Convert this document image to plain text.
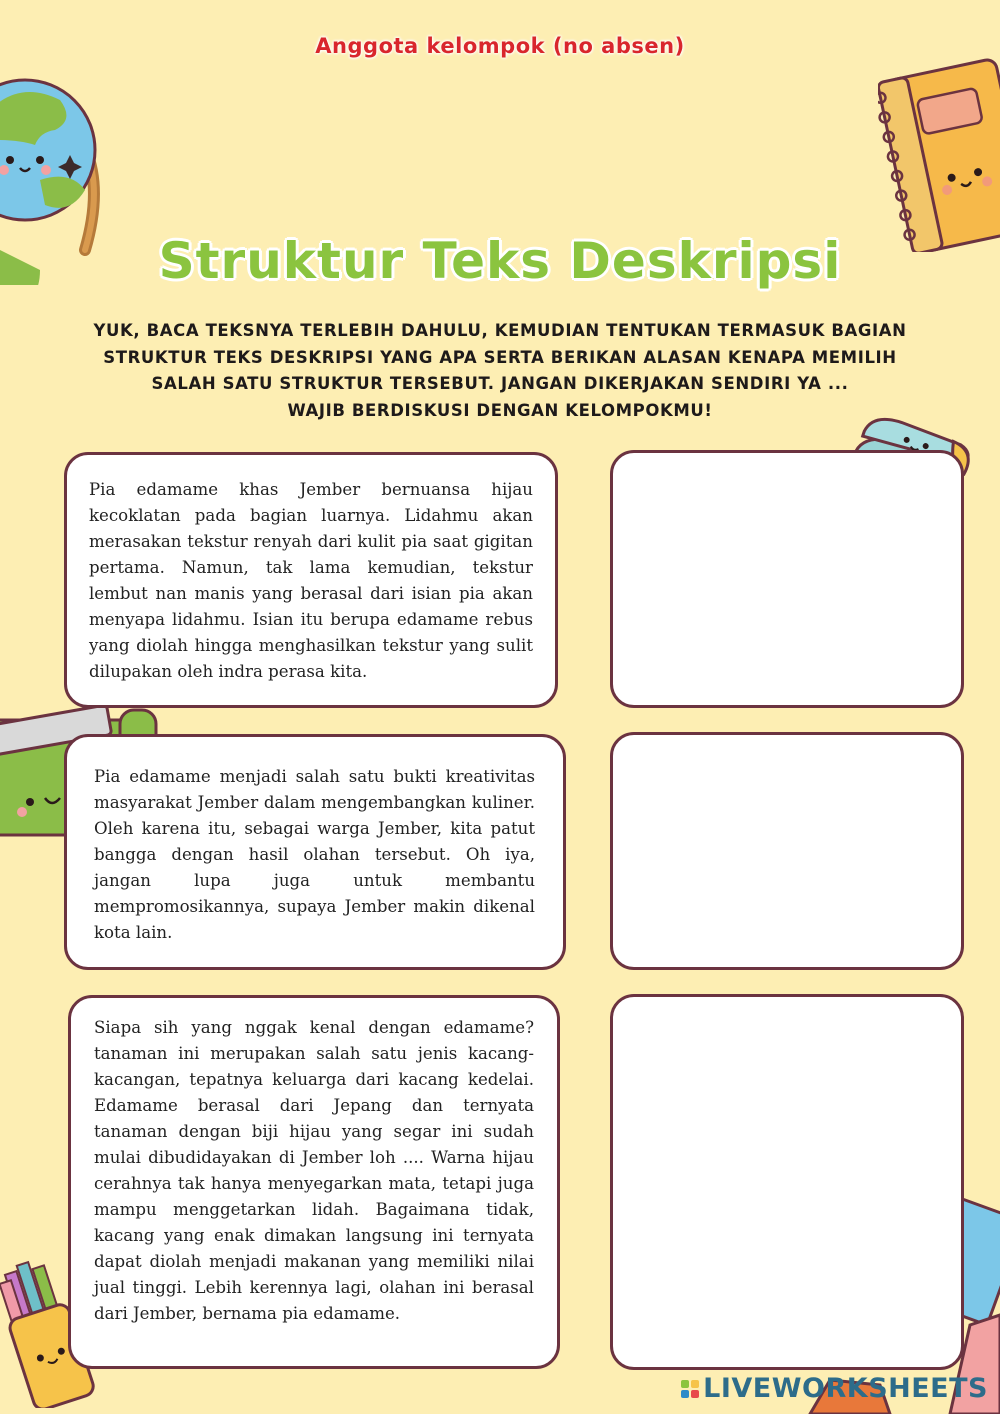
Anggota kelompok (no absen)
Struktur Teks Deskripsi
YUK, BACA TEKSNYA TERLEBIH DAHULU, KEMUDIAN TENTUKAN TERMASUK BAGIAN
STRUKTUR TEKS DESKRIPSI YANG APA SERTA BERIKAN ALASAN KENAPA MEMILIH
SALAH SATU STRUKTUR TERSEBUT. JANGAN DIKERJAKAN SENDIRI YA ...
WAJIB BERDISKUSI DENGAN KELOMPOKMU!

Pia edamame khas Jember bernuansa hijau kecoklatan pada bagian luarnya. Lidahmu akan merasakan tekstur renyah dari kulit pia saat gigitan pertama. Namun, tak lama kemudian, tekstur lembut nan manis yang berasal dari isian pia akan menyapa lidahmu. Isian itu berupa edamame rebus yang diolah hingga menghasilkan tekstur yang sulit dilupakan oleh indra perasa kita.

Pia edamame menjadi salah satu bukti kreativitas masyarakat Jember dalam mengembangkan kuliner. Oleh karena itu, sebagai warga Jember, kita patut bangga dengan hasil olahan tersebut. Oh iya, jangan lupa juga untuk membantu mempromosikannya, supaya Jember makin dikenal kota lain.

Siapa sih yang nggak kenal dengan edamame? tanaman ini merupakan salah satu jenis kacang-kacangan, tepatnya keluarga dari kacang kedelai. Edamame berasal dari Jepang dan ternyata tanaman dengan biji hijau yang segar ini sudah mulai dibudidayakan di Jember loh .... Warna hijau cerahnya tak hanya menyegarkan mata, tetapi juga mampu menggetarkan lidah. Bagaimana tidak, kacang yang enak dimakan langsung ini ternyata dapat diolah menjadi makanan yang memiliki nilai jual tinggi. Lebih kerennya lagi, olahan ini berasal dari Jember, bernama pia edamame.

LIVEWORKSHEETS
